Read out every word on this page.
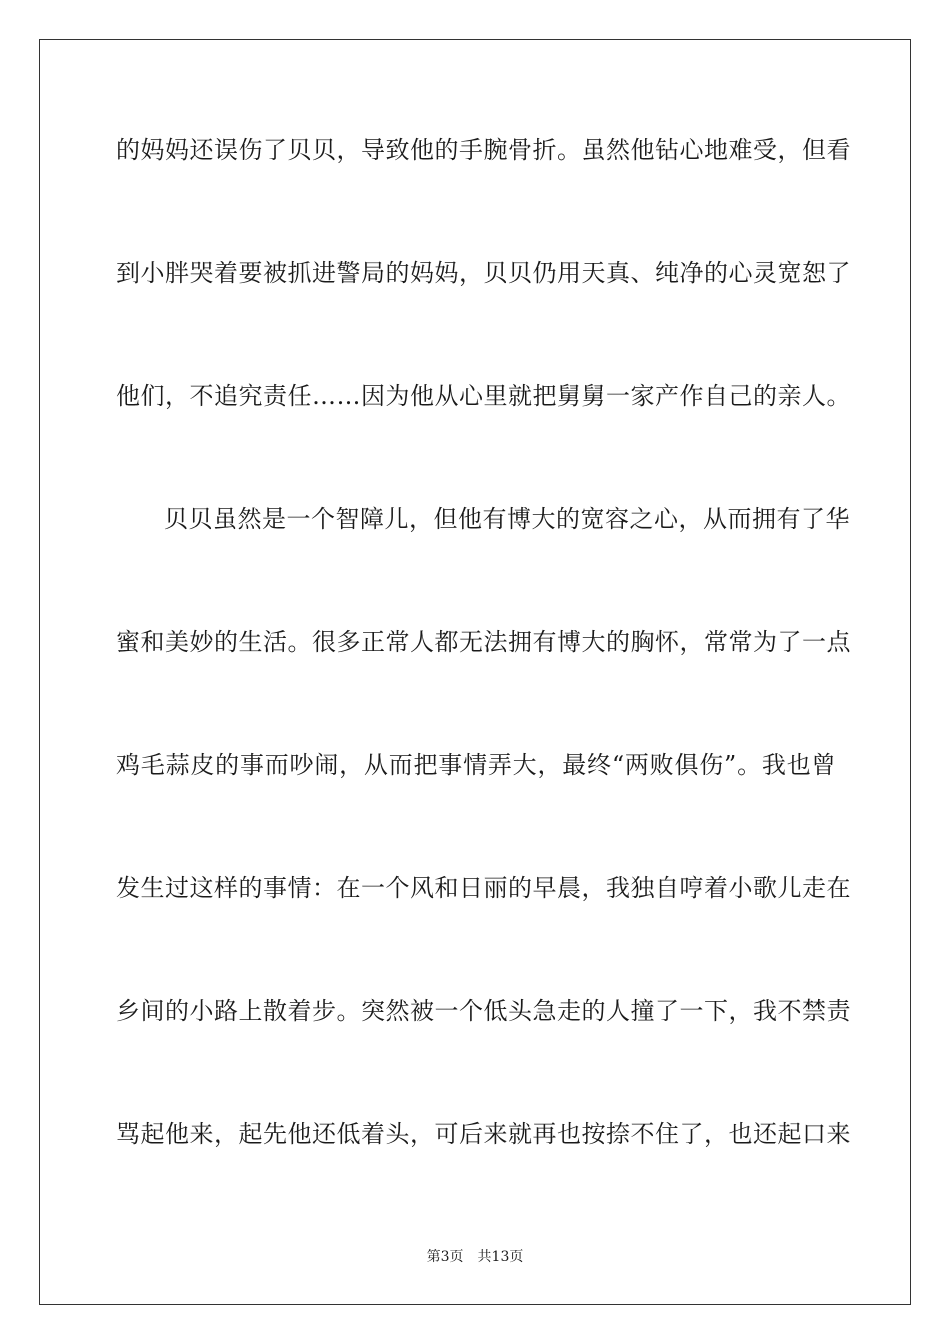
的妈妈还误伤了贝贝，导致他的手腕骨折。虽然他钻心地难受，但看
到小胖哭着要被抓进警局的妈妈，贝贝仍用天真、纯净的心灵宽恕了
他们，不追究责任……因为他从心里就把舅舅一家产作自己的亲人。
贝贝虽然是一个智障儿，但他有博大的宽容之心，从而拥有了华
蜜和美妙的生活。很多正常人都无法拥有博大的胸怀，常常为了一点
鸡毛蒜皮的事而吵闹，从而把事情弄大，最终“两败俱伤”。我也曾
发生过这样的事情：在一个风和日丽的早晨，我独自哼着小歌儿走在
乡间的小路上散着步。突然被一个低头急走的人撞了一下，我不禁责
骂起他来，起先他还低着头，可后来就再也按捺不住了，也还起口来
第3页 共13页
